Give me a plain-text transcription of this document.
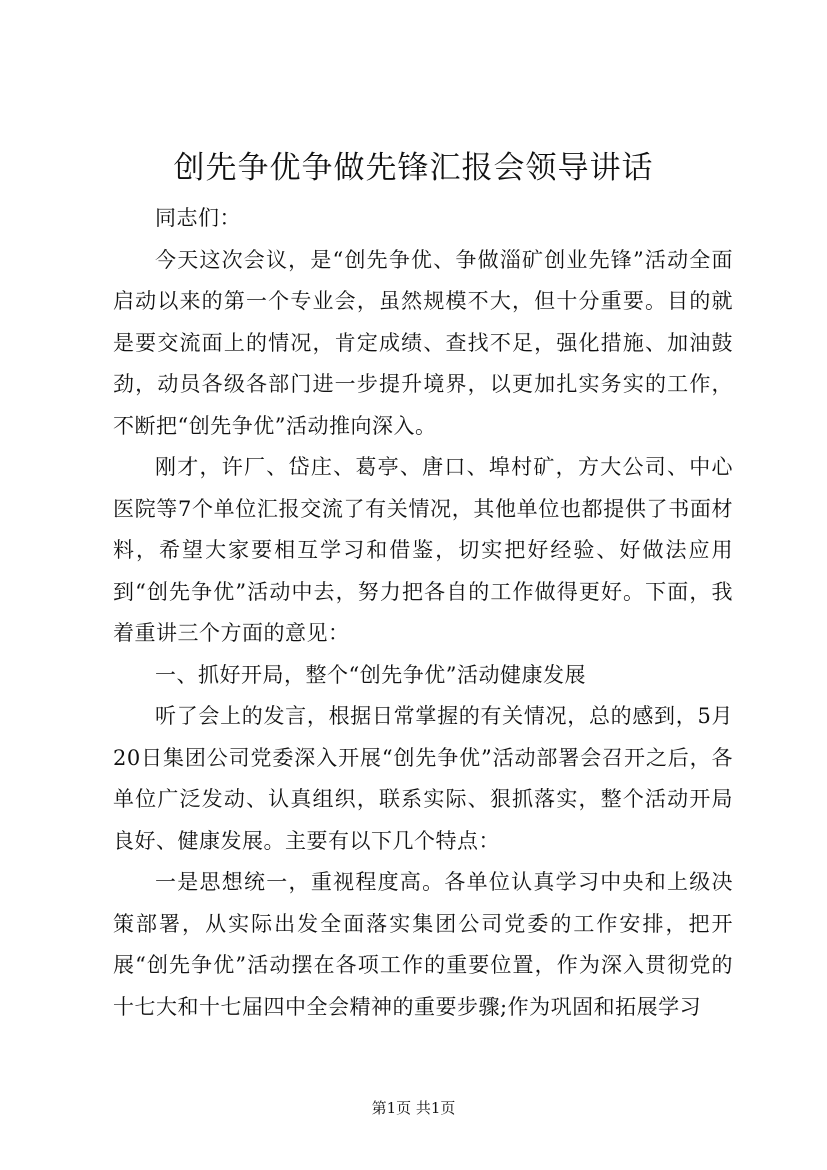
创先争优争做先锋汇报会领导讲话

同志们：

今天这次会议，是“创先争优、争做淄矿创业先锋”活动全面启动以来的第一个专业会，虽然规模不大，但十分重要。目的就是要交流面上的情况，肯定成绩、查找不足，强化措施、加油鼓劲，动员各级各部门进一步提升境界，以更加扎实务实的工作，不断把“创先争优”活动推向深入。

刚才，许厂、岱庄、葛亭、唐口、埠村矿，方大公司、中心医院等7个单位汇报交流了有关情况，其他单位也都提供了书面材料，希望大家要相互学习和借鉴，切实把好经验、好做法应用到“创先争优”活动中去，努力把各自的工作做得更好。下面，我着重讲三个方面的意见：

一、抓好开局，整个“创先争优”活动健康发展

听了会上的发言，根据日常掌握的有关情况，总的感到，5月20日集团公司党委深入开展“创先争优”活动部署会召开之后，各单位广泛发动、认真组织，联系实际、狠抓落实，整个活动开局良好、健康发展。主要有以下几个特点：

一是思想统一，重视程度高。各单位认真学习中央和上级决策部署，从实际出发全面落实集团公司党委的工作安排，把开展“创先争优”活动摆在各项工作的重要位置，作为深入贯彻党的十七大和十七届四中全会精神的重要步骤;作为巩固和拓展学习

第1页 共1页
